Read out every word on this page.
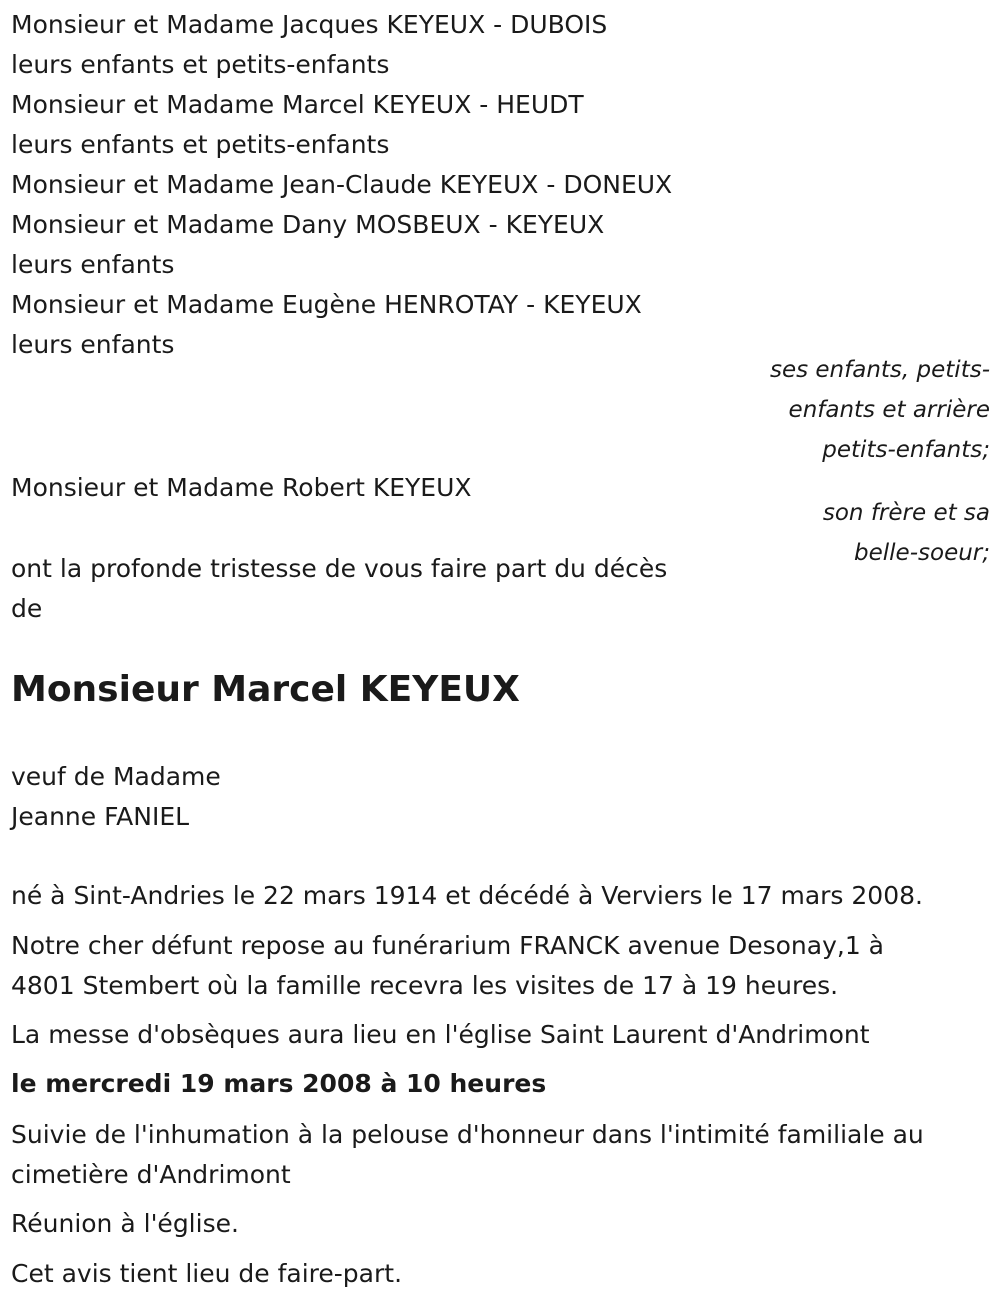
Monsieur et Madame Jacques KEYEUX - DUBOIS
leurs enfants et petits-enfants
Monsieur et Madame Marcel KEYEUX - HEUDT
leurs enfants et petits-enfants
Monsieur et Madame Jean-Claude KEYEUX - DONEUX
Monsieur et Madame Dany MOSBEUX - KEYEUX
leurs enfants
Monsieur et Madame Eugène HENROTAY - KEYEUX
leurs enfants
ses enfants, petits-
enfants et arrière
petits-enfants;
Monsieur et Madame Robert KEYEUX
son frère et sa
belle-soeur;
ont la profonde tristesse de vous faire part du décès
de
Monsieur Marcel KEYEUX
veuf de Madame
Jeanne FANIEL
né à Sint-Andries le 22 mars 1914 et décédé à Verviers le 17 mars 2008.
Notre cher défunt repose au funérarium FRANCK avenue Desonay,1 à
4801 Stembert où la famille recevra les visites de 17 à 19 heures.
La messe d'obsèques aura lieu en l'église Saint Laurent d'Andrimont
le mercredi 19 mars 2008 à 10 heures
Suivie de l'inhumation à la pelouse d'honneur dans l'intimité familiale au
cimetière d'Andrimont
Réunion à l'église.
Cet avis tient lieu de faire-part.
